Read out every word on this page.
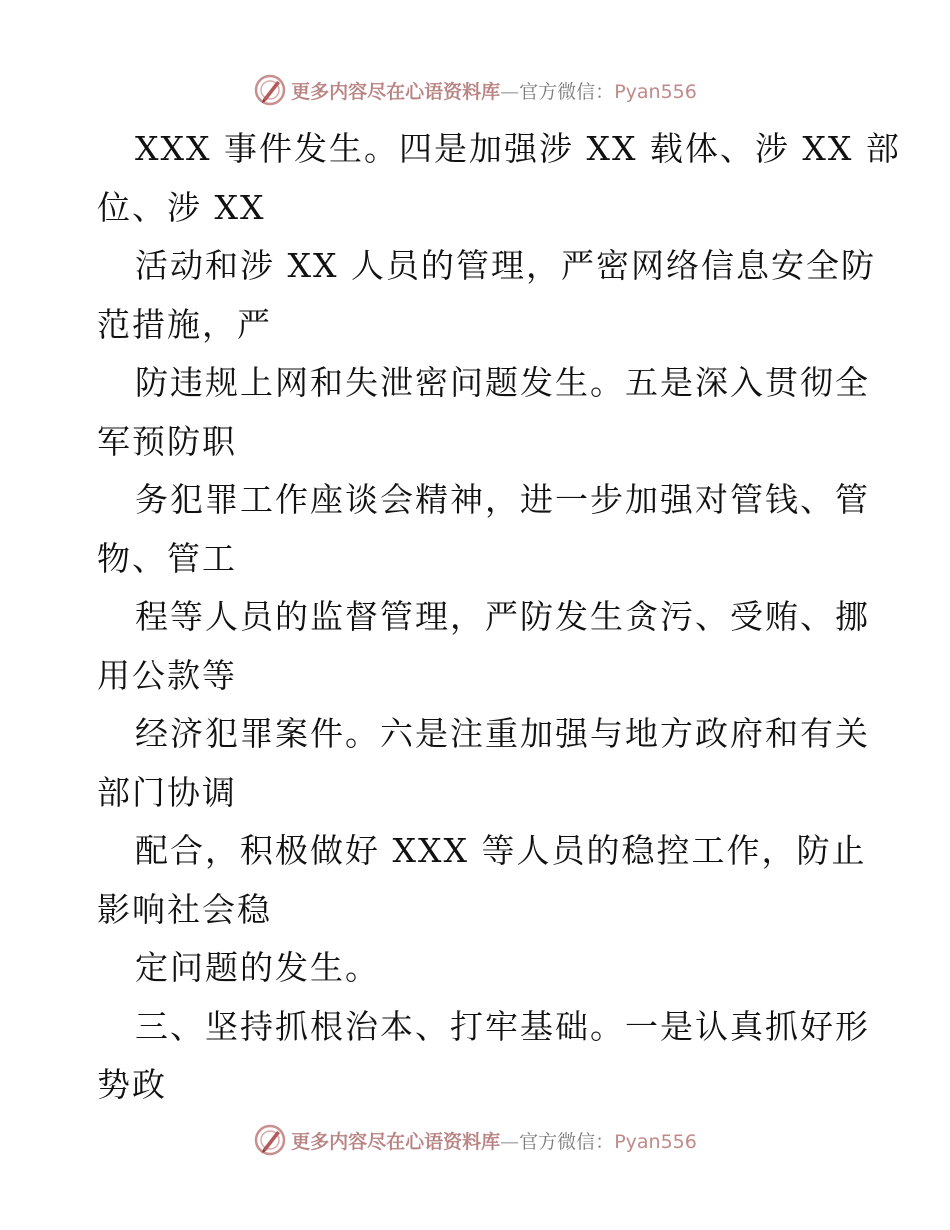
更多内容尽在心语资料库—官方微信：Pyan556
XXX 事件发生。四是加强涉 XX 载体、涉 XX 部
位、涉 XX
活动和涉 XX 人员的管理，严密网络信息安全防
范措施，严
防违规上网和失泄密问题发生。五是深入贯彻全
军预防职
务犯罪工作座谈会精神，进一步加强对管钱、管
物、管工
程等人员的监督管理，严防发生贪污、受贿、挪
用公款等
经济犯罪案件。六是注重加强与地方政府和有关
部门协调
配合，积极做好 XXX 等人员的稳控工作，防止
影响社会稳
定问题的发生。
三、坚持抓根治本、打牢基础。一是认真抓好形
势政
更多内容尽在心语资料库—官方微信：Pyan556
